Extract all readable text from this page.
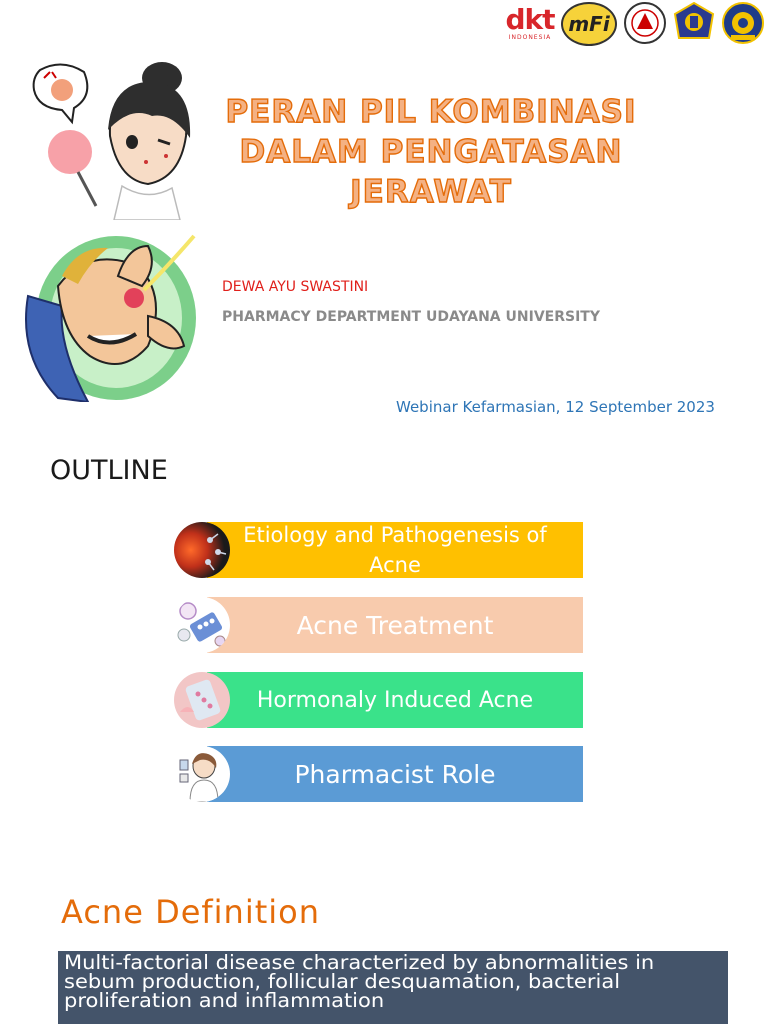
dkt
INDONESIA
mFi
PERAN PIL KOMBINASI DALAM PENGATASAN JERAWAT
DEWA AYU SWASTINI
PHARMACY DEPARTMENT UDAYANA UNIVERSITY
Webinar Kefarmasian, 12 September 2023
OUTLINE
Etiology and Pathogenesis of Acne
Acne Treatment
Hormonaly Induced Acne
Pharmacist Role
Acne Definition
Multi-factorial disease characterized by abnormalities in sebum production, follicular desquamation, bacterial proliferation and inflammation
